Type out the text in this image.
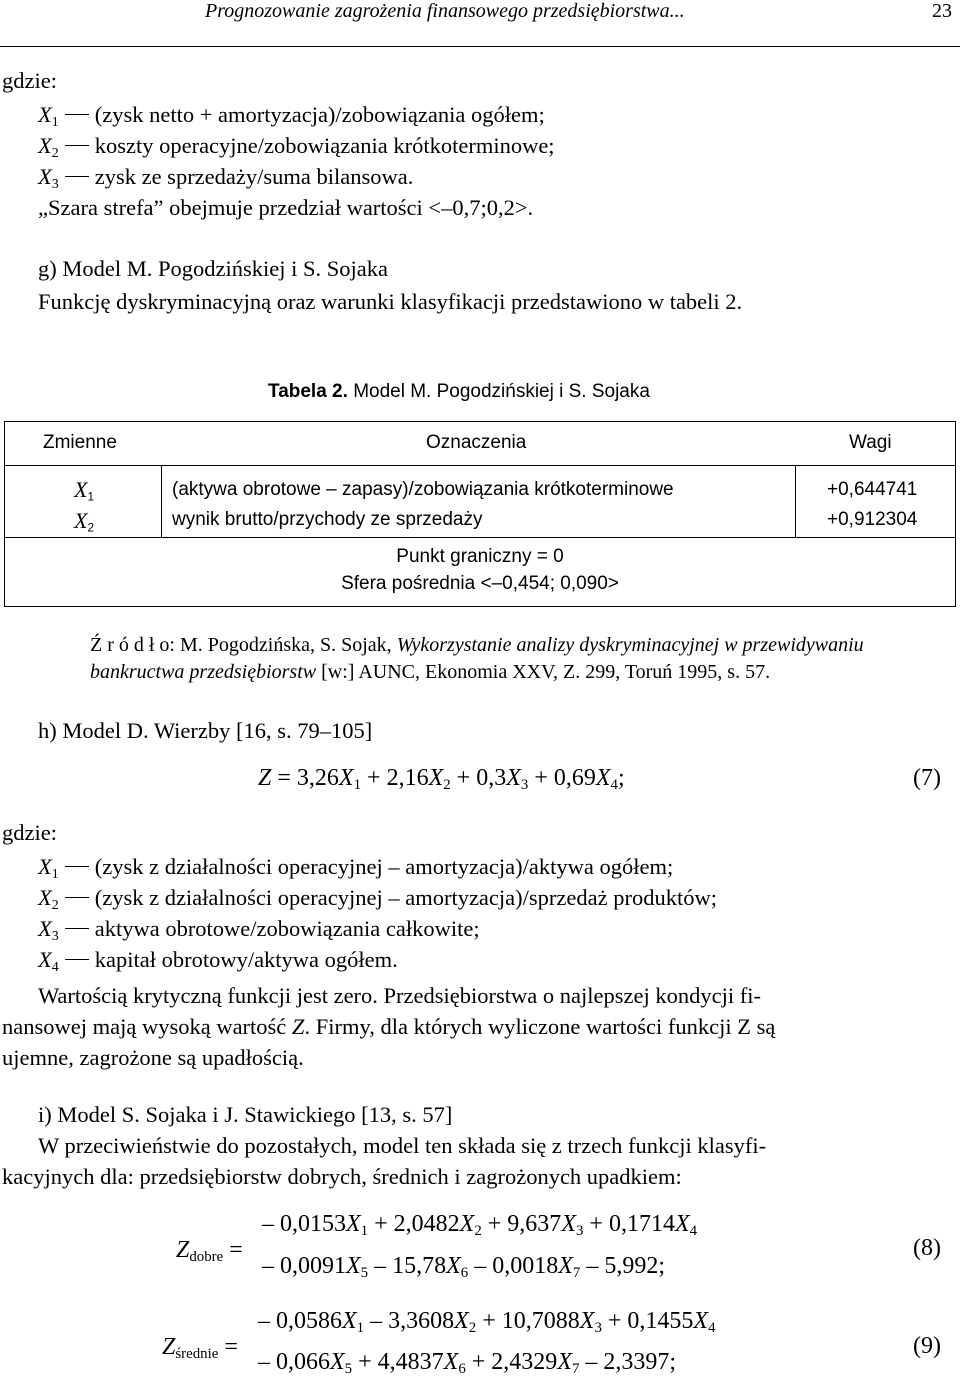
Prognozowanie zagrożenia finansowego przedsiębiorstwa...	23
gdzie:
$X_1$ (zysk netto + amortyzacja)/zobowiązania ogółem;
$X_2$ koszty operacyjne/zobowiązania krótkoterminowe;
$X_3$ zysk ze sprzedaży/suma bilansowa.
„Szara strefa” obejmuje przedział wartości <–0,7;0,2>.
g) Model M. Pogodzińskiej i S. Sojaka
Funkcję dyskryminacyjną oraz warunki klasyfikacji przedstawiono w tabeli 2.
Tabela 2. Model M. Pogodzińskiej i S. Sojaka
Zmienne	Oznaczenia	Wagi
$X_1$	(aktywa obrotowe – zapasy)/zobowiązania krótkoterminowe	+0,644741
$X_2$	wynik brutto/przychody ze sprzedaży	+0,912304
Punkt graniczny = 0
Sfera pośrednia <–0,454; 0,090>
Ź r ó d ł o: M. Pogodzińska, S. Sojak, Wykorzystanie analizy dyskryminacyjnej w przewidywaniu
bankructwa przedsiębiorstw [w:] AUNC, Ekonomia XXV, Z. 299, Toruń 1995, s. 57.
h) Model D. Wierzby [16, s. 79–105]
$Z = 3,26X_1 + 2,16X_2 + 0,3X_3 + 0,69X_4$;	(7)
gdzie:
$X_1$ (zysk z działalności operacyjnej – amortyzacja)/aktywa ogółem;
$X_2$ (zysk z działalności operacyjnej – amortyzacja)/sprzedaż produktów;
$X_3$ aktywa obrotowe/zobowiązania całkowite;
$X_4$ kapitał obrotowy/aktywa ogółem.
Wartością krytyczną funkcji jest zero. Przedsiębiorstwa o najlepszej kondycji fi-
nansowej mają wysoką wartość Z. Firmy, dla których wyliczone wartości funkcji Z są
ujemne, zagrożone są upadłością.
i) Model S. Sojaka i J. Stawickiego [13, s. 57]
W przeciwieństwie do pozostałych, model ten składa się z trzech funkcji klasyfi-
kacyjnych dla: przedsiębiorstw dobrych, średnich i zagrożonych upadkiem:
$Z_{dobre}$ =
– $0,0153X_1 + 2,0482X_2 + 9,637X_3 + 0,1714X_4$
– $0,0091X_5 - 15,78X_6 - 0,0018X_7 - 5,992$;
(8)
$Z_{średnie}$ =
– $0,0586X_1 - 3,3608X_2 + 10,7088X_3 + 0,1455X_4$
– $0,066X_5 + 4,4837X_6 + 2,4329X_7 - 2,3397$;
(9)
